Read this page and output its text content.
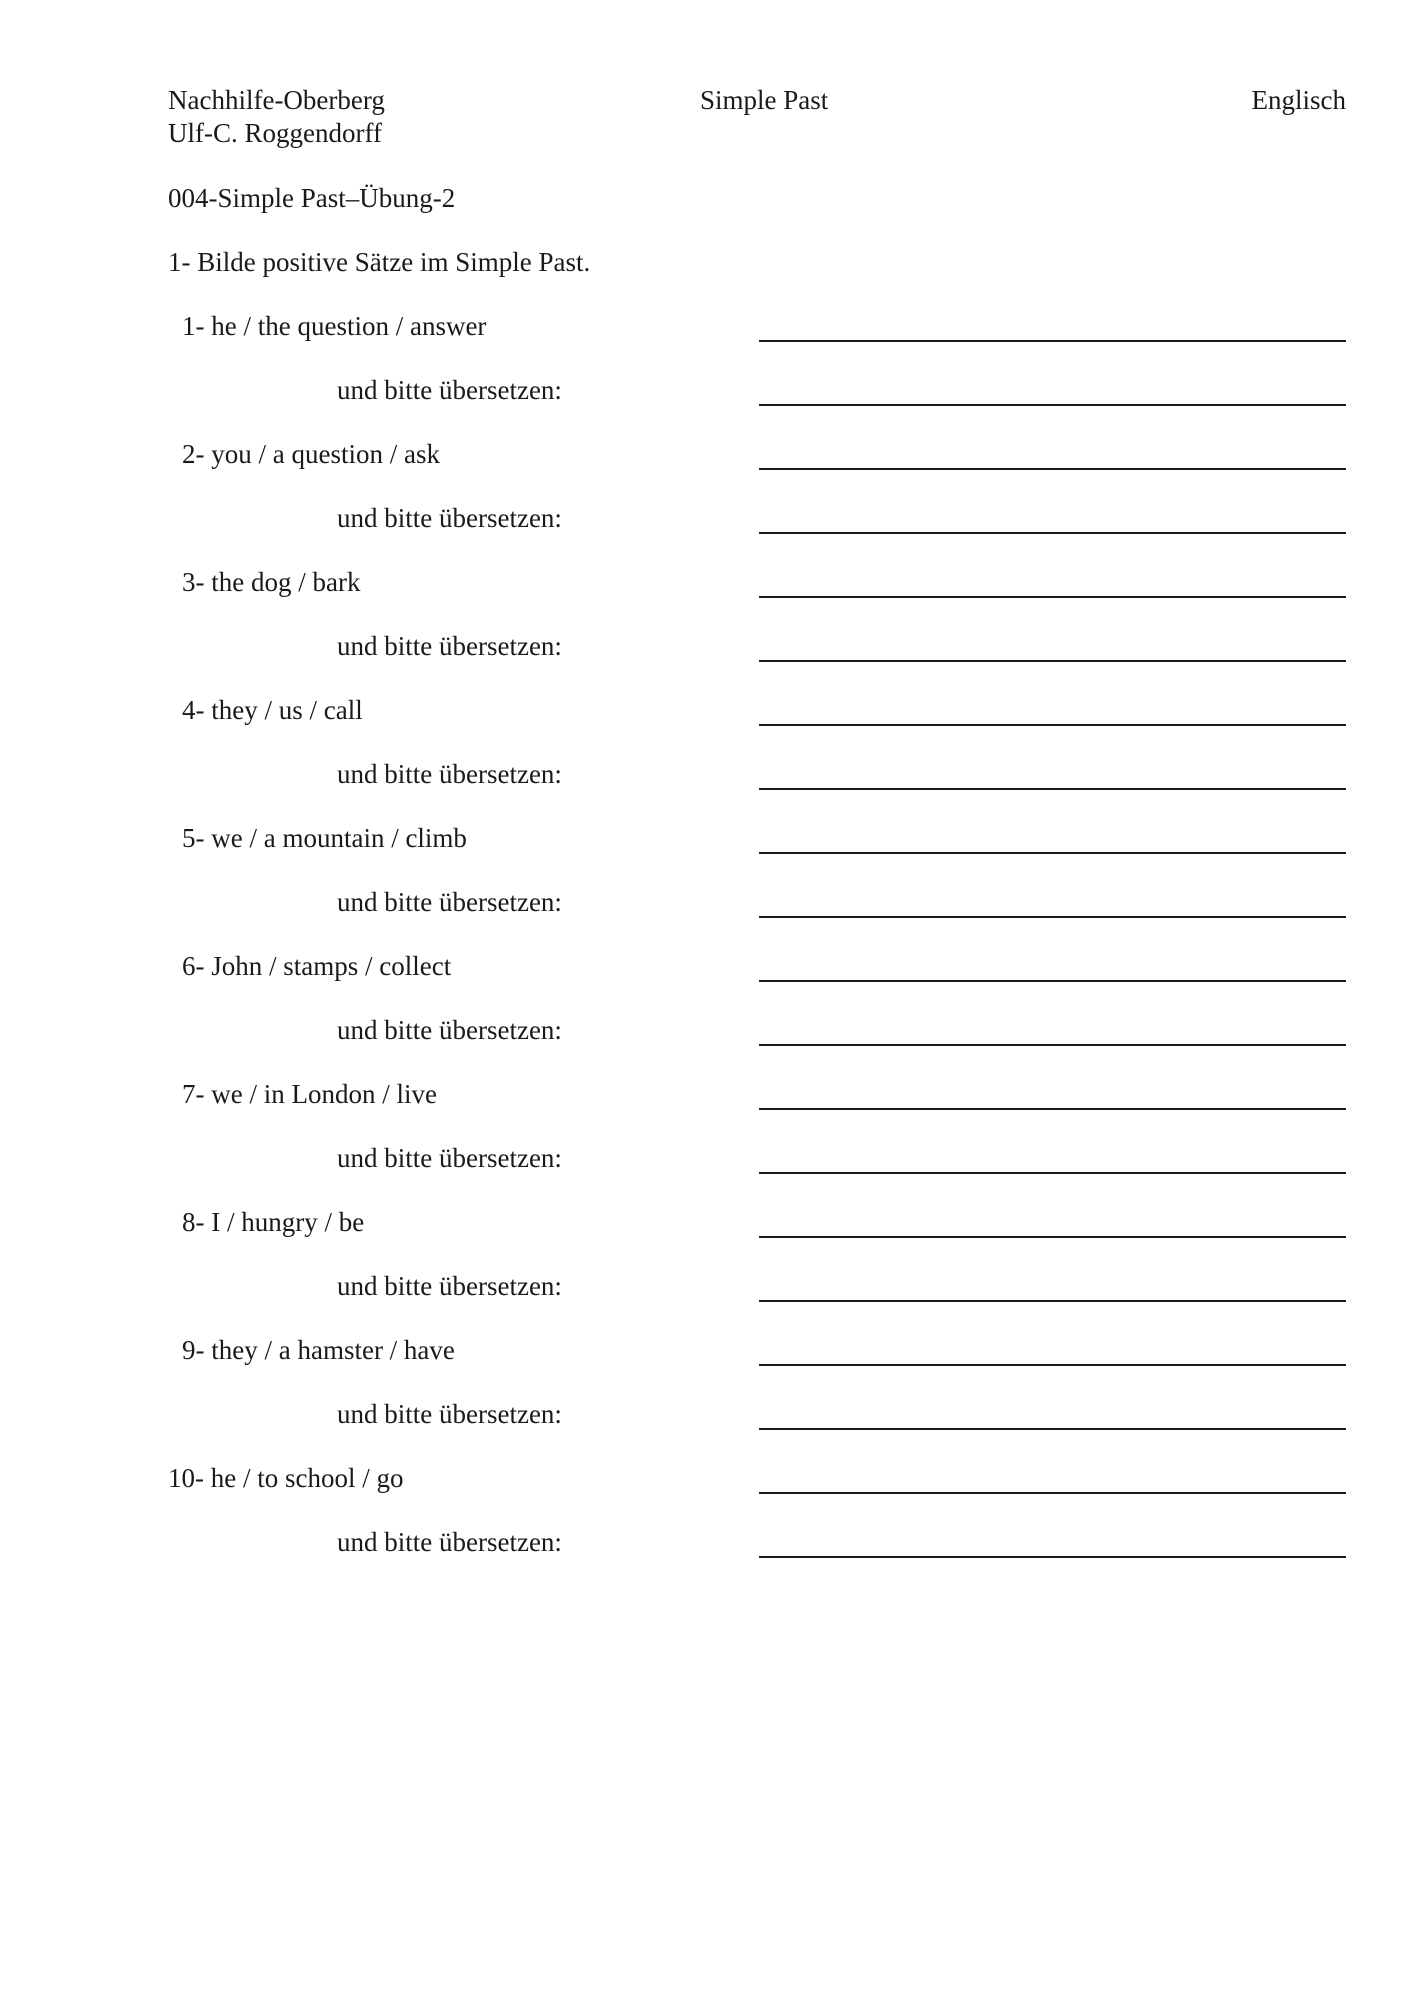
Nachhilfe-Oberberg
Ulf-C. Roggendorff
Simple Past	Englisch
004-Simple Past–Übung-2
1- Bilde positive Sätze im Simple Past.
1- he / the question / answer
und bitte übersetzen:
2- you / a question / ask
und bitte übersetzen:
3- the dog / bark
und bitte übersetzen:
4- they / us / call
und bitte übersetzen:
5- we / a mountain / climb
und bitte übersetzen:
6- John / stamps / collect
und bitte übersetzen:
7- we / in London / live
und bitte übersetzen:
8- I / hungry / be
und bitte übersetzen:
9- they / a hamster / have
und bitte übersetzen:
10- he / to school / go
und bitte übersetzen:
